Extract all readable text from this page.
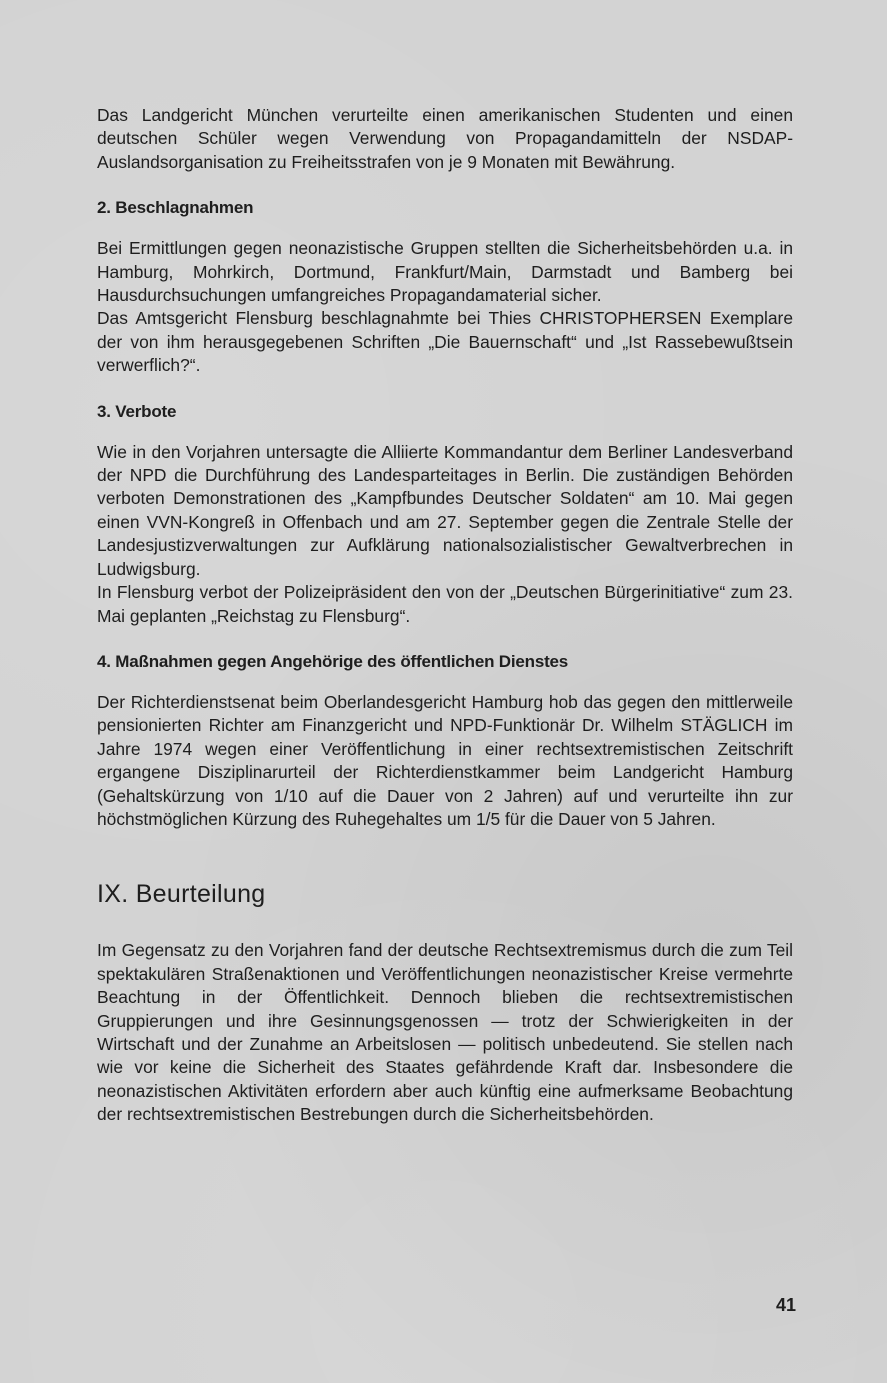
Das Landgericht München verurteilte einen amerikanischen Studenten und einen deutschen Schüler wegen Verwendung von Propagandamitteln der NSDAP-Auslandsorganisation zu Freiheitsstrafen von je 9 Monaten mit Bewährung.

2. Beschlagnahmen

Bei Ermittlungen gegen neonazistische Gruppen stellten die Sicherheitsbehörden u.a. in Hamburg, Mohrkirch, Dortmund, Frankfurt/Main, Darmstadt und Bamberg bei Hausdurchsuchungen umfangreiches Propagandamaterial sicher.

Das Amtsgericht Flensburg beschlagnahmte bei Thies CHRISTOPHERSEN Exemplare der von ihm herausgegebenen Schriften „Die Bauernschaft“ und „Ist Rassebewußtsein verwerflich?“.

3. Verbote

Wie in den Vorjahren untersagte die Alliierte Kommandantur dem Berliner Landesverband der NPD die Durchführung des Landesparteitages in Berlin. Die zuständigen Behörden verboten Demonstrationen des „Kampfbundes Deutscher Soldaten“ am 10. Mai gegen einen VVN-Kongreß in Offenbach und am 27. September gegen die Zentrale Stelle der Landesjustizverwaltungen zur Aufklärung nationalsozialistischer Gewaltverbrechen in Ludwigsburg.

In Flensburg verbot der Polizeipräsident den von der „Deutschen Bürgerinitiative“ zum 23. Mai geplanten „Reichstag zu Flensburg“.

4. Maßnahmen gegen Angehörige des öffentlichen Dienstes

Der Richterdienstsenat beim Oberlandesgericht Hamburg hob das gegen den mittlerweile pensionierten Richter am Finanzgericht und NPD-Funktionär Dr. Wilhelm STÄGLICH im Jahre 1974 wegen einer Veröffentlichung in einer rechtsextremistischen Zeitschrift ergangene Disziplinarurteil der Richterdienstkammer beim Landgericht Hamburg (Gehaltskürzung von 1/10 auf die Dauer von 2 Jahren) auf und verurteilte ihn zur höchstmöglichen Kürzung des Ruhegehaltes um 1/5 für die Dauer von 5 Jahren.

IX. Beurteilung

Im Gegensatz zu den Vorjahren fand der deutsche Rechtsextremismus durch die zum Teil spektakulären Straßenaktionen und Veröffentlichungen neonazistischer Kreise vermehrte Beachtung in der Öffentlichkeit. Dennoch blieben die rechtsextremistischen Gruppierungen und ihre Gesinnungsgenossen — trotz der Schwierigkeiten in der Wirtschaft und der Zunahme an Arbeitslosen — politisch unbedeutend. Sie stellen nach wie vor keine die Sicherheit des Staates gefährdende Kraft dar. Insbesondere die neonazistischen Aktivitäten erfordern aber auch künftig eine aufmerksame Beobachtung der rechtsextremistischen Bestrebungen durch die Sicherheitsbehörden.

41
